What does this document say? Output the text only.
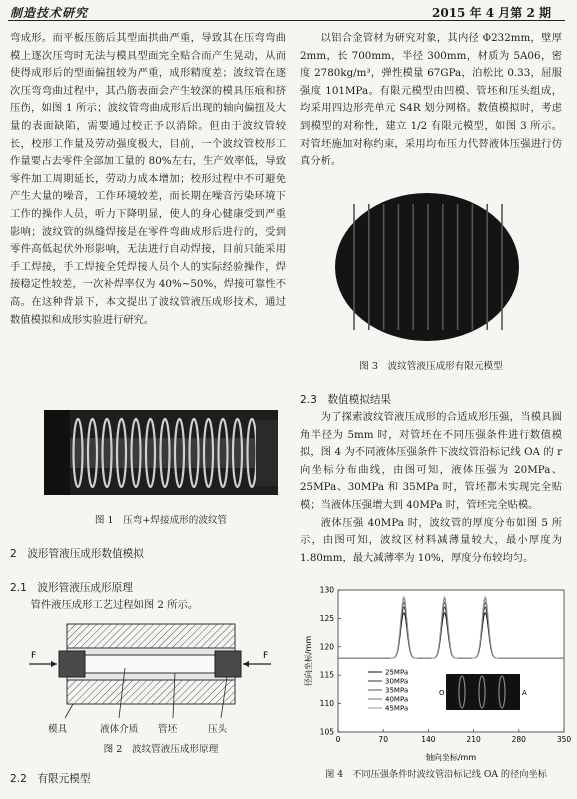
制造技术研究	2015 年 4 月第 2 期

弯成形。而平板压筋后其型面拱曲严重，导致其在压弯弯曲模上逐次压弯时无法与模具型面完全贴合而产生晃动，从而使得成形后的型面偏扭较为严重，成形精度差；波纹管在逐次压弯弯曲过程中，其凸筋表面会产生较深的模具压痕和挤压伤，如图 1 所示；波纹管弯曲成形后出现的轴向偏扭及大量的表面缺陷，需要通过校正予以消除。但由于波纹管较长，校形工作量及劳动强度极大，目前，一个波纹管校形工作量要占去零件全部加工量的 80%左右，生产效率低，导致零件加工周期延长，劳动力成本增加；校形过程中不可避免产生大量的噪音，工作环境较差，而长期在噪音污染环境下工作的操作人员，听力下降明显，使人的身心健康受到严重影响；波纹管的纵缝焊接是在零件弯曲成形后进行的，受到零件高低起伏外形影响，无法进行自动焊接，目前只能采用手工焊接，手工焊接全凭焊接人员个人的实际经验操作，焊接稳定性较差，一次补焊率仅为 40%~50%，焊接可靠性不高。在这种背景下，本文提出了波纹管液压成形技术，通过数值模拟和成形实验进行研究。

图 1　压弯+焊接成形的波纹管
2　波形管液压成形数值模拟
2.1　波形管液压成形原理

管件液压成形工艺过程如图 2 所示。

F	F
模具	液体介质 管坯	压头
图 2　波纹管液压成形原理
2.2　有限元模型

以铝合金管材为研究对象，其内径 Φ232mm，壁厚 2mm，长 700mm，半径 300mm，材质为 5A06，密度 2780kg/m³，弹性模量 67GPa，泊松比 0.33，屈服强度 101MPa。有限元模型由凹模、管坯和压头组成，均采用四边形壳单元 S4R 划分网格。数值模拟时，考虑到模型的对称性，建立 1/2 有限元模型，如图 3 所示。对管坯施加对称约束，采用均布压力代替液体压强进行仿真分析。

图 3　波纹管液压成形有限元模型
2.3　数值模拟结果

为了探索波纹管液压成形的合适成形压强，当模具圆角半径为 5mm 时，对管坯在不同压强条件进行数值模拟，图 4 为不同液体压强条件下波纹管沿标记线 OA 的 r 向坐标分布曲线，由图可知，液体压强为 20MPa、25MPa、30MPa 和 35MPa 时，管坯都未实现完全贴模；当液体压强增大到 40MPa 时，管坯完全贴模。

液体压强 40MPa 时，波纹管的厚度分布如图 5 所示，由图可知，波纹区材料减薄量较大，最小厚度为 1.80mm，最大减薄率为 10%，厚度分布较均匀。

径向坐标/mm
轴向坐标/mm
0	70	140	210	280	350
105
110
115
120
125
130
25MPa
30MPa
35MPa
40MPa
45MPa
O	A
图 4　不同压强条件时波纹管沿标记线 OA 的径向坐标
